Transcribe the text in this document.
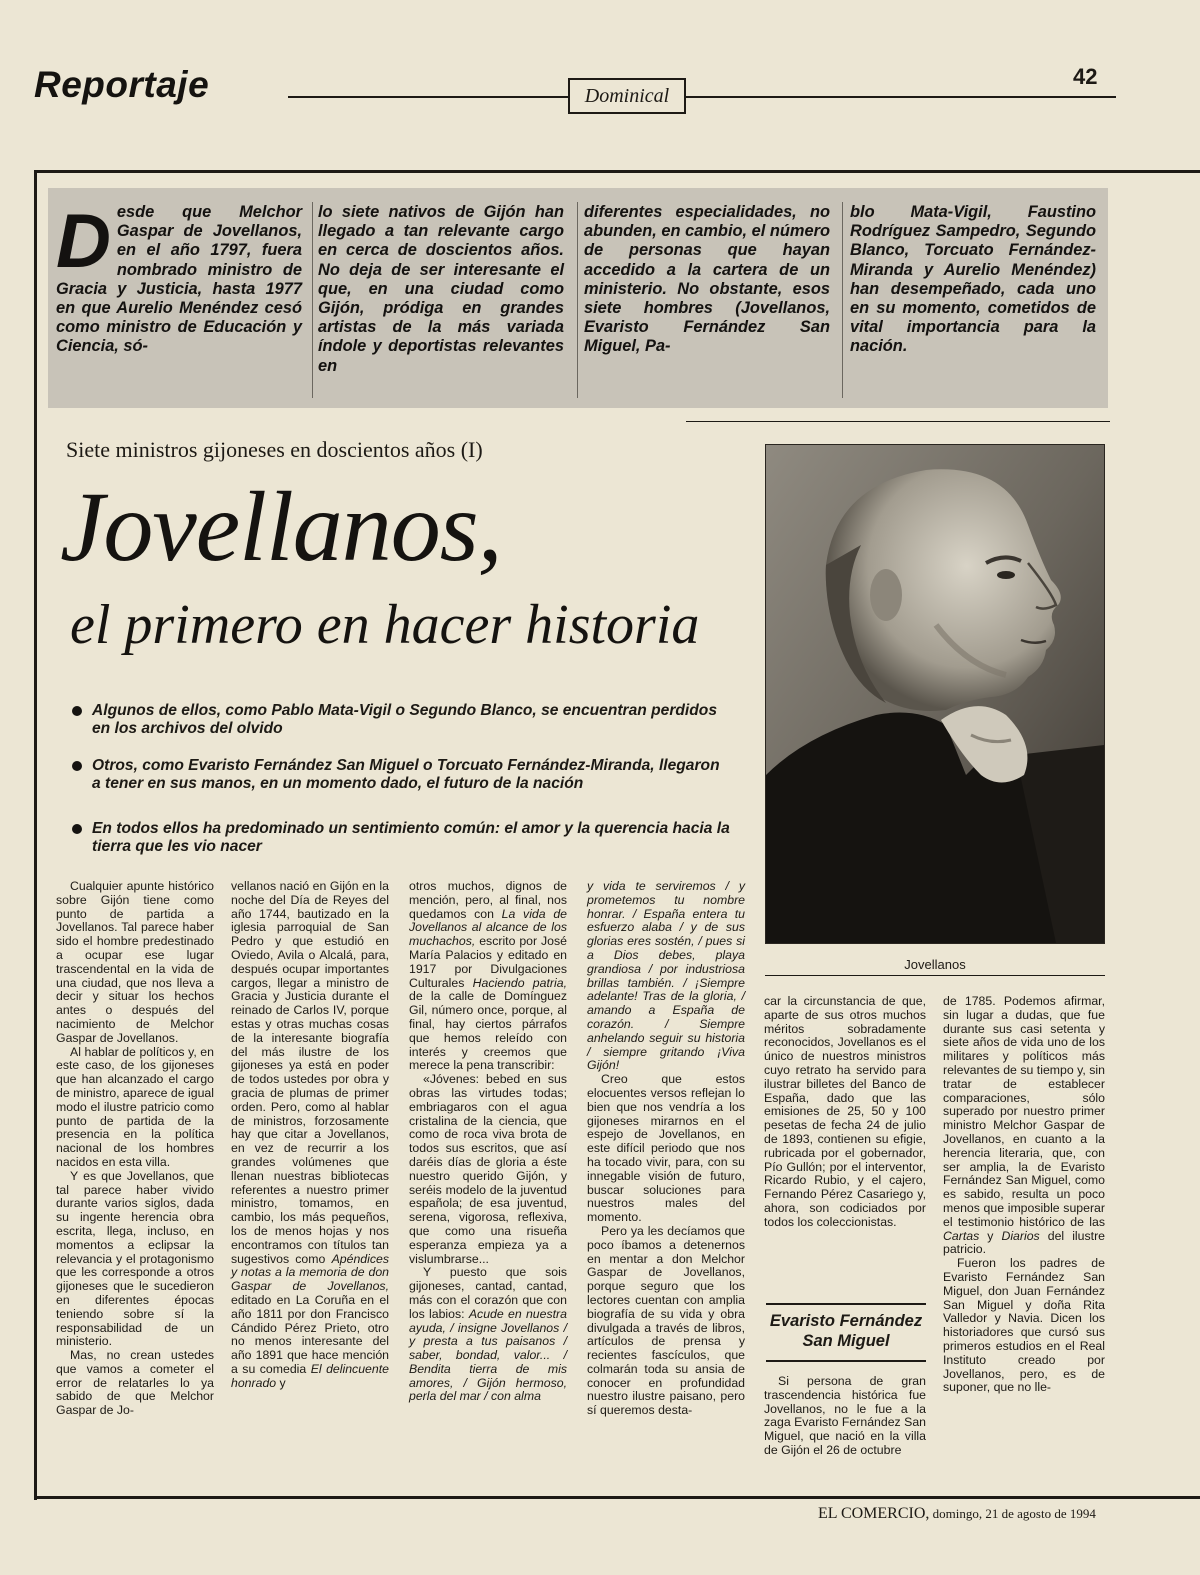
Reportaje	Dominical
42
D esde que Melchor Gaspar de Jovellanos, en el año 1797, fuera nombrado ministro de Gracia y Justicia, hasta 1977 en que Aurelio Menéndez cesó como ministro de Educación y Ciencia, só-
lo siete nativos de Gijón han llegado a tan relevante cargo en cerca de doscientos años. No deja de ser interesante el que, en una ciudad como Gijón, pródiga en grandes artistas de la más variada índole y deportistas relevantes en
diferentes especialidades, no abunden, en cambio, el número de personas que hayan accedido a la cartera de un ministerio. No obstante, esos siete hombres (Jovellanos, Evaristo Fernández San Miguel, Pa-
blo Mata-Vigil, Faustino Rodríguez Sampedro, Segundo Blanco, Torcuato Fernández-Miranda y Aurelio Menéndez) han desempeñado, cada uno en su momento, cometidos de vital importancia para la nación.
Siete ministros gijoneses en doscientos años (I)
Jovellanos,
el primero en hacer historia
Algunos de ellos, como Pablo Mata-Vigil o Segundo Blanco, se encuentran perdidos en los archivos del olvido
Otros, como Evaristo Fernández San Miguel o Torcuato Fernández-Miranda, llegaron a tener en sus manos, en un momento dado, el futuro de la nación
En todos ellos ha predominado un sentimiento común: el amor y la querencia hacia la tierra que les vio nacer
Jovellanos

Cualquier apunte histórico sobre Gijón tiene como punto de partida a Jovellanos. Tal parece haber sido el hombre predestinado a ocupar ese lugar trascendental en la vida de una ciudad, que nos lleva a decir y situar los hechos antes o después del nacimiento de Melchor Gaspar de Jovellanos.

Al hablar de políticos y, en este caso, de los gijoneses que han alcanzado el cargo de ministro, aparece de igual modo el ilustre patricio como punto de partida de la presencia en la política nacional de los hombres nacidos en esta villa.

Y es que Jovellanos, que tal parece haber vivido durante varios siglos, dada su ingente herencia obra escrita, llega, incluso, en momentos a eclipsar la relevancia y el protagonismo que les corresponde a otros gijoneses que le sucedieron en diferentes épocas teniendo sobre sí la responsabilidad de un ministerio.

Mas, no crean ustedes que vamos a cometer el error de relatarles lo ya sabido de que Melchor Gaspar de Jo-

vellanos nació en Gijón en la noche del Día de Reyes del año 1744, bautizado en la iglesia parroquial de San Pedro y que estudió en Oviedo, Avila o Alcalá, para, después ocupar importantes cargos, llegar a ministro de Gracia y Justicia durante el reinado de Carlos IV, porque estas y otras muchas cosas de la interesante biografía del más ilustre de los gijoneses ya está en poder de todos ustedes por obra y gracia de plumas de primer orden. Pero, como al hablar de ministros, forzosamente hay que citar a Jovellanos, en vez de recurrir a los grandes volúmenes que llenan nuestras bibliotecas referentes a nuestro primer ministro, tomamos, en cambio, los más pequeños, los de menos hojas y nos encontramos con títulos tan sugestivos como Apéndices y notas a la memoria de don Gaspar de Jovellanos, editado en La Coruña en el año 1811 por don Francisco Cándido Pérez Prieto, otro no menos interesante del año 1891 que hace mención a su comedia El delincuente honrado y

otros muchos, dignos de mención, pero, al final, nos quedamos con La vida de Jovellanos al alcance de los muchachos, escrito por José María Palacios y editado en 1917 por Divulgaciones Culturales Haciendo patria, de la calle de Domínguez Gil, número once, porque, al final, hay ciertos párrafos que hemos releído con interés y creemos que merece la pena transcribir:

«Jóvenes: bebed en sus obras las virtudes todas; embriagaros con el agua cristalina de la ciencia, que como de roca viva brota de todos sus escritos, que así daréis días de gloria a éste nuestro querido Gijón, y seréis modelo de la juventud española; de esa juventud, serena, vigorosa, reflexiva, que como una risueña esperanza empieza ya a vislumbrarse...

Y puesto que sois gijoneses, cantad, cantad, más con el corazón que con los labios: Acude en nuestra ayuda, / insigne Jovellanos / y presta a tus paisanos / saber, bondad, valor... / Bendita tierra de mis amores, / Gijón hermoso, perla del mar / con alma

y vida te serviremos / y prometemos tu nombre honrar. / España entera tu esfuerzo alaba / y de sus glorias eres sostén, / pues si a Dios debes, playa grandiosa / por industriosa brillas también. / ¡Siempre adelante! Tras de la gloria, / amando a España de corazón. / Siempre anhelando seguir su historia / siempre gritando ¡Viva Gijón!

Creo que estos elocuentes versos reflejan lo bien que nos vendría a los gijoneses mirarnos en el espejo de Jovellanos, en este difícil periodo que nos ha tocado vivir, para, con su innegable visión de futuro, buscar soluciones para nuestros males del momento.

Pero ya les decíamos que poco íbamos a detenernos en mentar a don Melchor Gaspar de Jovellanos, porque seguro que los lectores cuentan con amplia biografía de su vida y obra divulgada a través de libros, artículos de prensa y recientes fascículos, que colmarán toda su ansia de conocer en profundidad nuestro ilustre paisano, pero sí queremos desta-

car la circunstancia de que, aparte de sus otros muchos méritos sobradamente reconocidos, Jovellanos es el único de nuestros ministros cuyo retrato ha servido para ilustrar billetes del Banco de España, dado que las emisiones de 25, 50 y 100 pesetas de fecha 24 de julio de 1893, contienen su efigie, rubricada por el gobernador, Pío Gullón; por el interventor, Ricardo Rubio, y el cajero, Fernando Pérez Casariego y, ahora, son codiciados por todos los coleccionistas.

Evaristo Fernández San Miguel

Si persona de gran trascendencia histórica fue Jovellanos, no le fue a la zaga Evaristo Fernández San Miguel, que nació en la villa de Gijón el 26 de octubre

de 1785. Podemos afirmar, sin lugar a dudas, que fue durante sus casi setenta y siete años de vida uno de los militares y políticos más relevantes de su tiempo y, sin tratar de establecer comparaciones, sólo superado por nuestro primer ministro Melchor Gaspar de Jovellanos, en cuanto a la herencia literaria, que, con ser amplia, la de Evaristo Fernández San Miguel, como es sabido, resulta un poco menos que imposible superar el testimonio histórico de las Cartas y Diarios del ilustre patricio.

Fueron los padres de Evaristo Fernández San Miguel, don Juan Fernández San Miguel y doña Rita Valledor y Navia. Dicen los historiadores que cursó sus primeros estudios en el Real Instituto creado por Jovellanos, pero, es de suponer, que no lle-

EL COMERCIO, domingo, 21 de agosto de 1994
